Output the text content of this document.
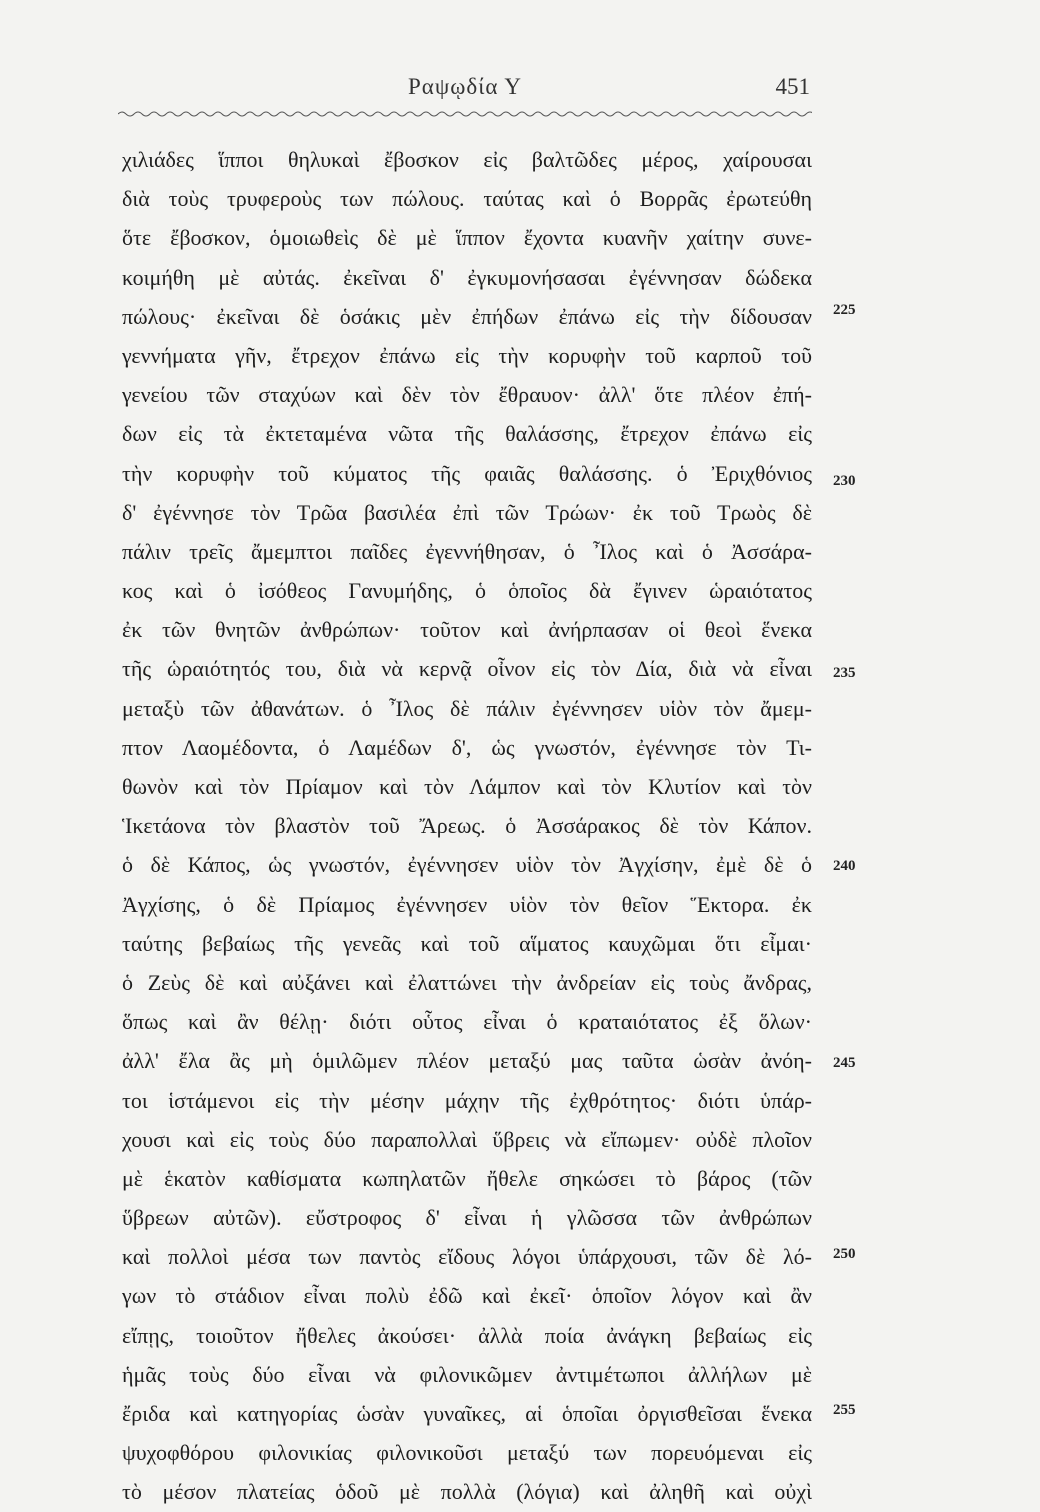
Ραψῳδία Υ	451
χιλιάδες ἵπποι θηλυκαὶ ἔβοσκον εἰς βαλτῶδες μέρος, χαίρουσαι
διὰ τοὺς τρυφεροὺς των πώλους. ταύτας καὶ ὁ Βορρᾶς ἐρωτεύθη
ὅτε ἔβοσκον, ὁμοιωθεὶς δὲ μὲ ἵππον ἔχοντα κυανῆν χαίτην συνε-
κοιμήθη μὲ αὐτάς. ἐκεῖναι δ' ἐγκυμονήσασαι ἐγέννησαν δώδεκα
πώλους· ἐκεῖναι δὲ ὁσάκις μὲν ἐπήδων ἐπάνω εἰς τὴν δίδουσαν
γεννήματα γῆν, ἔτρεχον ἐπάνω εἰς τὴν κορυφὴν τοῦ καρποῦ τοῦ
γενείου τῶν σταχύων καὶ δὲν τὸν ἔθραυον· ἀλλ' ὅτε πλέον ἐπή-
δων εἰς τὰ ἐκτεταμένα νῶτα τῆς θαλάσσης, ἔτρεχον ἐπάνω εἰς
τὴν κορυφὴν τοῦ κύματος τῆς φαιᾶς θαλάσσης. ὁ Ἐριχθόνιος
δ' ἐγέννησε τὸν Τρῶα βασιλέα ἐπὶ τῶν Τρώων· ἐκ τοῦ Τρωὸς δὲ
πάλιν τρεῖς ἄμεμπτοι παῖδες ἐγεννήθησαν, ὁ Ἶλος καὶ ὁ Ἀσσάρα-
κος καὶ ὁ ἰσόθεος Γανυμήδης, ὁ ὁποῖος δὰ ἔγινεν ὡραιότατος
ἐκ τῶν θνητῶν ἀνθρώπων· τοῦτον καὶ ἀνήρπασαν οἱ θεοὶ ἕνεκα
τῆς ὡραιότητός του, διὰ νὰ κερνᾷ οἶνον εἰς τὸν Δία, διὰ νὰ εἶναι
μεταξὺ τῶν ἀθανάτων. ὁ Ἶλος δὲ πάλιν ἐγέννησεν υἱὸν τὸν ἄμεμ-
πτον Λαομέδοντα, ὁ Λαμέδων δ', ὡς γνωστόν, ἐγέννησε τὸν Τι-
θωνὸν καὶ τὸν Πρίαμον καὶ τὸν Λάμπον καὶ τὸν Κλυτίον καὶ τὸν
Ἱκετάονα τὸν βλαστὸν τοῦ Ἄρεως. ὁ Ἀσσάρακος δὲ τὸν Κάπον.
ὁ δὲ Κάπος, ὡς γνωστόν, ἐγέννησεν υἱὸν τὸν Ἀγχίσην, ἐμὲ δὲ ὁ
Ἀγχίσης, ὁ δὲ Πρίαμος ἐγέννησεν υἱὸν τὸν θεῖον Ἕκτορα. ἐκ
ταύτης βεβαίως τῆς γενεᾶς καὶ τοῦ αἵματος καυχῶμαι ὅτι εἶμαι·
ὁ Ζεὺς δὲ καὶ αὐξάνει καὶ ἐλαττώνει τὴν ἀνδρείαν εἰς τοὺς ἄνδρας,
ὅπως καὶ ἂν θέλῃ· διότι οὗτος εἶναι ὁ κραταιότατος ἐξ ὅλων·
ἀλλ' ἔλα ἂς μὴ ὁμιλῶμεν πλέον μεταξύ μας ταῦτα ὡσὰν ἀνόη-
τοι ἱστάμενοι εἰς τὴν μέσην μάχην τῆς ἐχθρότητος· διότι ὑπάρ-
χουσι καὶ εἰς τοὺς δύο παραπολλαὶ ὕβρεις νὰ εἴπωμεν· οὐδὲ πλοῖον
μὲ ἑκατὸν καθίσματα κωπηλατῶν ἤθελε σηκώσει τὸ βάρος (τῶν
ὕβρεων αὐτῶν). εὔστροφος δ' εἶναι ἡ γλῶσσα τῶν ἀνθρώπων
καὶ πολλοὶ μέσα των παντὸς εἴδους λόγοι ὑπάρχουσι, τῶν δὲ λό-
γων τὸ στάδιον εἶναι πολὺ ἐδῶ καὶ ἐκεῖ· ὁποῖον λόγον καὶ ἂν
εἴπῃς, τοιοῦτον ἤθελες ἀκούσει· ἀλλὰ ποία ἀνάγκη βεβαίως εἰς
ἡμᾶς τοὺς δύο εἶναι νὰ φιλονικῶμεν ἀντιμέτωποι ἀλλήλων μὲ
ἔριδα καὶ κατηγορίας ὡσὰν γυναῖκες, αἱ ὁποῖαι ὀργισθεῖσαι ἕνεκα
ψυχοφθόρου φιλονικίας φιλονικοῦσι μεταξύ των πορευόμεναι εἰς
τὸ μέσον πλατείας ὁδοῦ μὲ πολλὰ (λόγια) καὶ ἀληθῆ καὶ οὐχὶ
225
230
235
240
245
250
255
